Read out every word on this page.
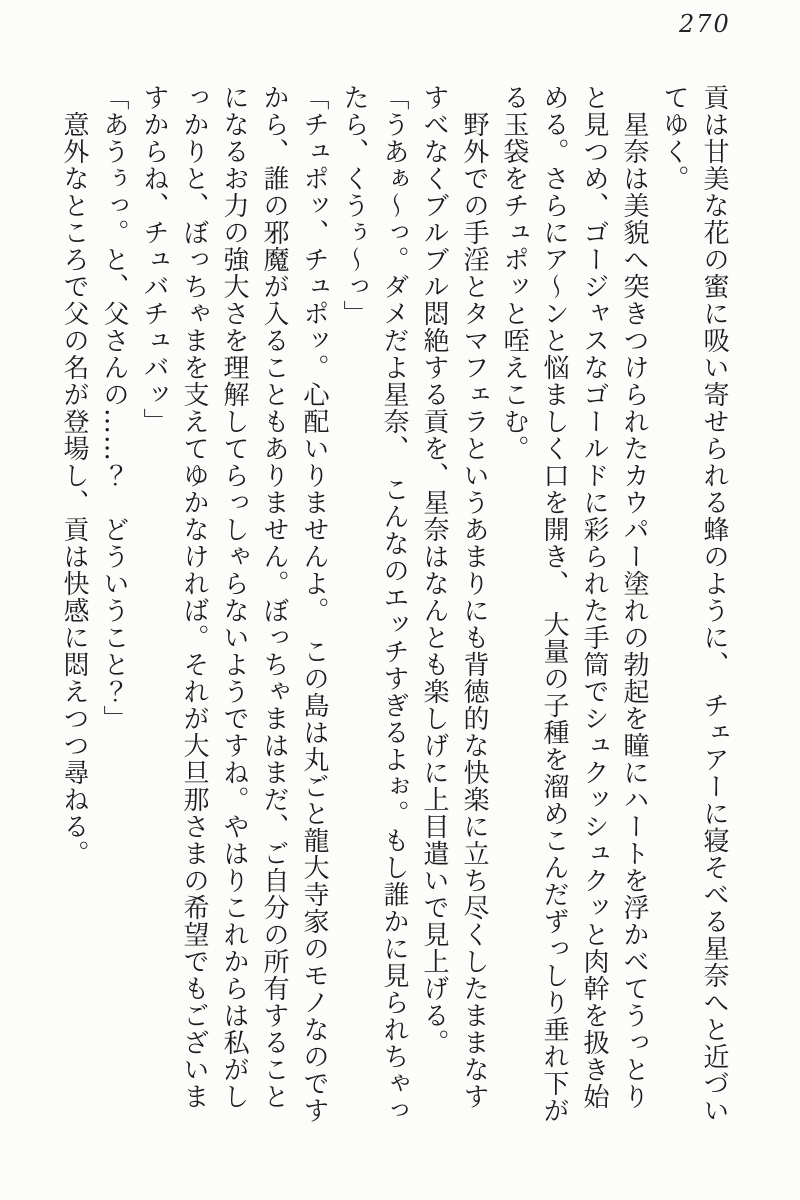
270

貢は甘美な花の蜜に吸い寄せられる蜂のように、　チェアーに寝そべる星奈へと近づい

てゆく。

　星奈は美貌へ突きつけられたカウパー塗れの勃起を瞳にハートを浮かべてうっとり

と見つめ、ゴージャスなゴールドに彩られた手筒でシュクッシュクッと肉幹を扱き始

める。さらにア～ンと悩ましく口を開き、　大量の子種を溜めこんだずっしり垂れ下が

る玉袋をチュポッと咥えこむ。

　野外での手淫とタマフェラというあまりにも背徳的な快楽に立ち尽くしたままなす

すべなくブルブル悶絶する貢を、星奈はなんとも楽しげに上目遣いで見上げる。

「うあぁ～っ。ダメだよ星奈、　こんなのエッチすぎるよぉ。もし誰かに見られちゃっ

たら、くうぅ～っ」

「チュポッ、チュポッ。心配いりませんよ。　この島は丸ごと龍大寺家のモノなのです

から、誰の邪魔が入ることもありません。ぼっちゃまはまだ、ご自分の所有すること

になるお力の強大さを理解してらっしゃらないようですね。やはりこれからは私がし

っかりと、ぼっちゃまを支えてゆかなければ。それが大旦那さまの希望でもございま

すからね、チュバチュバッ」

「あうぅっ。と、父さんの……？　どういうこと？」

　意外なところで父の名が登場し、貢は快感に悶えつつ尋ねる。
